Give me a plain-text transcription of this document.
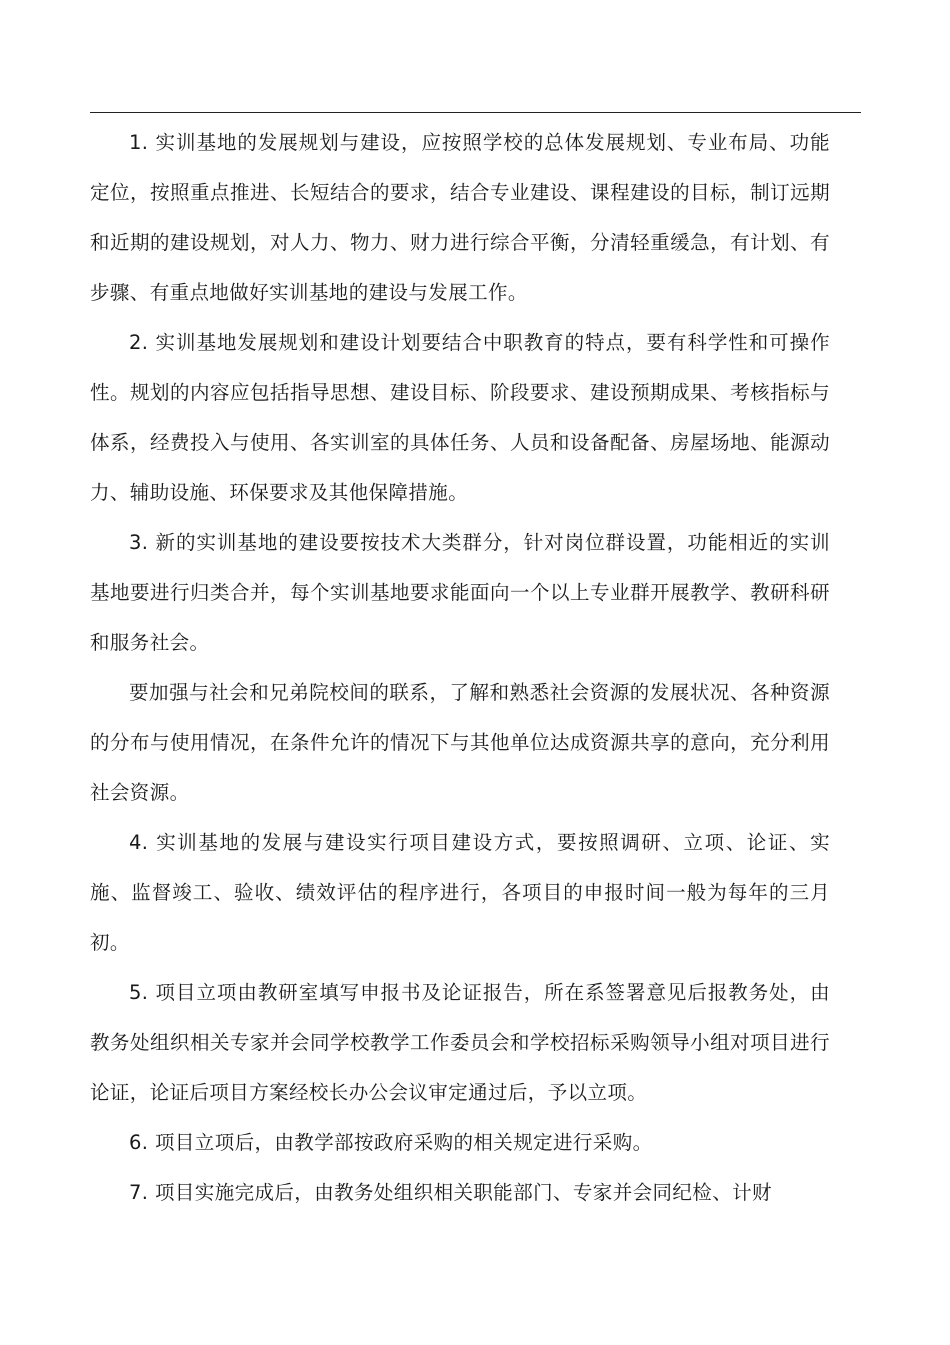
1. 实训基地的发展规划与建设，应按照学校的总体发展规划、专业布局、功能定位，按照重点推进、长短结合的要求，结合专业建设、课程建设的目标，制订远期和近期的建设规划，对人力、物力、财力进行综合平衡，分清轻重缓急，有计划、有步骤、有重点地做好实训基地的建设与发展工作。

2. 实训基地发展规划和建设计划要结合中职教育的特点，要有科学性和可操作性。规划的内容应包括指导思想、建设目标、阶段要求、建设预期成果、考核指标与体系，经费投入与使用、各实训室的具体任务、人员和设备配备、房屋场地、能源动力、辅助设施、环保要求及其他保障措施。

3. 新的实训基地的建设要按技术大类群分，针对岗位群设置，功能相近的实训基地要进行归类合并，每个实训基地要求能面向一个以上专业群开展教学、教研科研和服务社会。

要加强与社会和兄弟院校间的联系，了解和熟悉社会资源的发展状况、各种资源的分布与使用情况，在条件允许的情况下与其他单位达成资源共享的意向，充分利用社会资源。

4. 实训基地的发展与建设实行项目建设方式，要按照调研、立项、论证、实施、监督竣工、验收、绩效评估的程序进行，各项目的申报时间一般为每年的三月初。

5. 项目立项由教研室填写申报书及论证报告，所在系签署意见后报教务处，由教务处组织相关专家并会同学校教学工作委员会和学校招标采购领导小组对项目进行论证，论证后项目方案经校长办公会议审定通过后，予以立项。

6. 项目立项后，由教学部按政府采购的相关规定进行采购。

7. 项目实施完成后，由教务处组织相关职能部门、专家并会同纪检、计财
